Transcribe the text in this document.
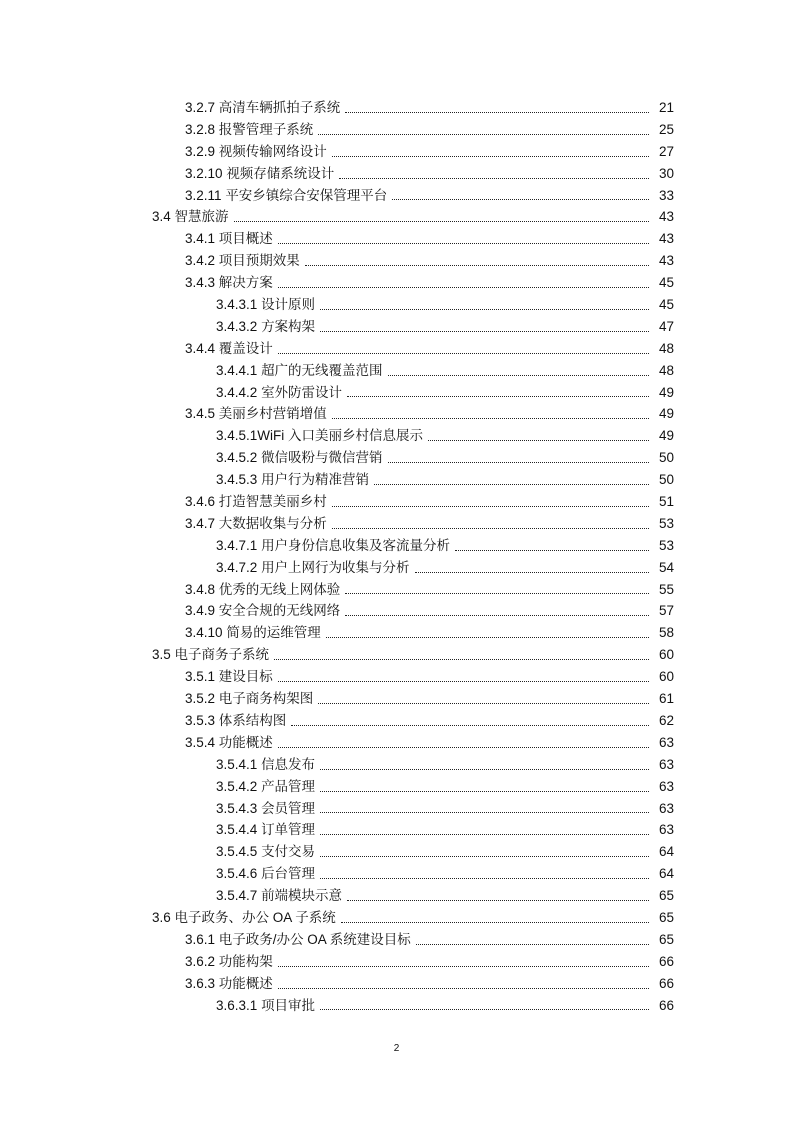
3.2.7 高清车辆抓拍子系统	21
3.2.8 报警管理子系统	25
3.2.9 视频传输网络设计	27
3.2.10 视频存储系统设计	30
3.2.11 平安乡镇综合安保管理平台	33
3.4 智慧旅游	43
3.4.1 项目概述	43
3.4.2 项目预期效果	43
3.4.3 解决方案	45
3.4.3.1 设计原则	45
3.4.3.2 方案构架	47
3.4.4 覆盖设计	48
3.4.4.1 超广的无线覆盖范围	48
3.4.4.2 室外防雷设计	49
3.4.5 美丽乡村营销增值	49
3.4.5.1WiFi 入口美丽乡村信息展示	49
3.4.5.2 微信吸粉与微信营销	50
3.4.5.3 用户行为精准营销	50
3.4.6 打造智慧美丽乡村	51
3.4.7 大数据收集与分析	53
3.4.7.1 用户身份信息收集及客流量分析	53
3.4.7.2 用户上网行为收集与分析	54
3.4.8 优秀的无线上网体验	55
3.4.9 安全合规的无线网络	57
3.4.10 简易的运维管理	58
3.5 电子商务子系统	60
3.5.1 建设目标	60
3.5.2 电子商务构架图	61
3.5.3 体系结构图	62
3.5.4 功能概述	63
3.5.4.1 信息发布	63
3.5.4.2 产品管理	63
3.5.4.3 会员管理	63
3.5.4.4 订单管理	63
3.5.4.5 支付交易	64
3.5.4.6 后台管理	64
3.5.4.7 前端模块示意	65
3.6 电子政务、办公 OA 子系统	65
3.6.1 电子政务/办公 OA 系统建设目标	65
3.6.2 功能构架	66
3.6.3 功能概述	66
3.6.3.1 项目审批	66
2
